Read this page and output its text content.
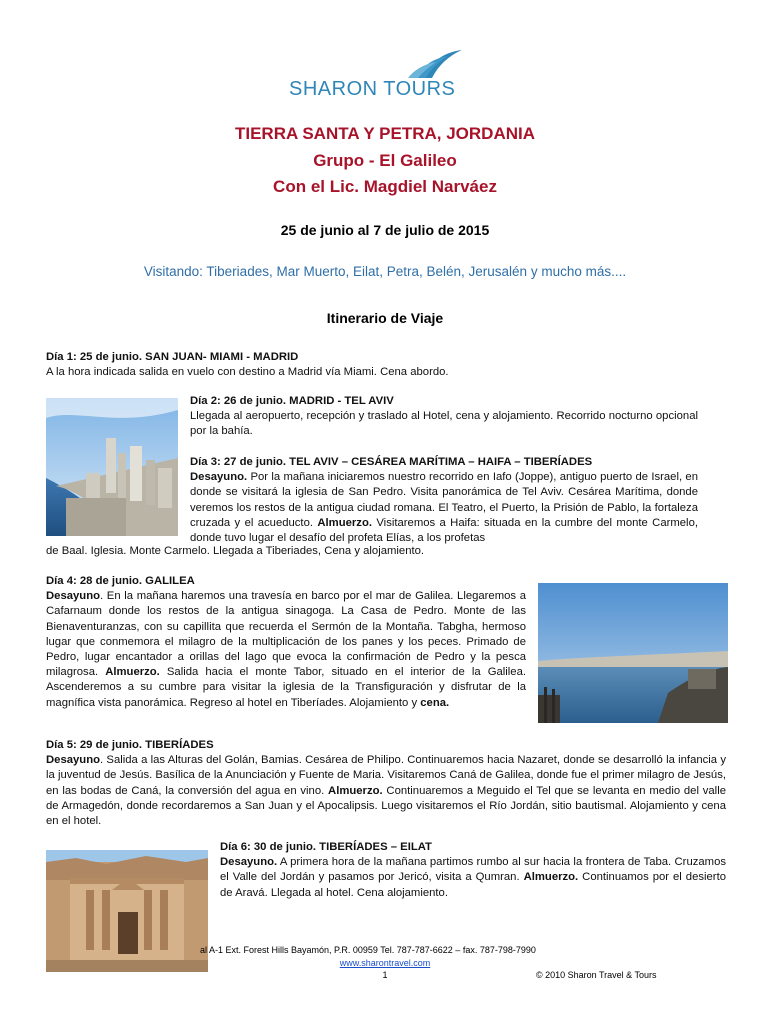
SHARON TOURS
TIERRA SANTA Y PETRA, JORDANIA
Grupo - El Galileo
Con el Lic. Magdiel Narváez
25 de junio al 7 de julio de 2015
Visitando: Tiberiades, Mar Muerto, Eilat, Petra, Belén, Jerusalén y mucho más....
Itinerario de Viaje
Día 1: 25 de junio. SAN JUAN- MIAMI - MADRID
A la hora indicada salida en vuelo con destino a Madrid vía Miami. Cena abordo.
Día 2: 26 de junio. MADRID - TEL AVIV
Llegada al aeropuerto, recepción y traslado al Hotel, cena y alojamiento. Recorrido nocturno opcional por la bahía.
Día 3: 27 de junio. TEL AVIV – CESÁREA MARÍTIMA – HAIFA – TIBERÍADES
Desayuno. Por la mañana iniciaremos nuestro recorrido en Iafo (Joppe), antiguo puerto de Israel, en donde se visitará la iglesia de San Pedro. Visita panorámica de Tel Aviv. Cesárea Marítima, donde veremos los restos de la antigua ciudad romana. El Teatro, el Puerto, la Prisión de Pablo, la fortaleza cruzada y el acueducto. Almuerzo. Visitaremos a Haifa: situada en la cumbre del monte Carmelo, donde tuvo lugar el desafío del profeta Elías, a los profetas
de Baal. Iglesia. Monte Carmelo. Llegada a Tiberiades, Cena y alojamiento.
Día 4: 28 de junio. GALILEA
Desayuno. En la mañana haremos una travesía en barco por el mar de Galilea. Llegaremos a Cafarnaum donde los restos de la antigua sinagoga. La Casa de Pedro. Monte de las Bienaventuranzas, con su capillita que recuerda el Sermón de la Montaña. Tabgha, hermoso lugar que conmemora el milagro de la multiplicación de los panes y los peces. Primado de Pedro, lugar encantador a orillas del lago que evoca la confirmación de Pedro y la pesca milagrosa. Almuerzo. Salida hacia el monte Tabor, situado en el interior de la Galilea. Ascenderemos a su cumbre para visitar la iglesia de la Transfiguración y disfrutar de la magnífica vista panorámica. Regreso al hotel en Tiberíades. Alojamiento y cena.
Día 5: 29 de junio. TIBERÍADES
Desayuno. Salida a las Alturas del Golán, Bamias. Cesárea de Philipo. Continuaremos hacia Nazaret, donde se desarrolló la infancia y la juventud de Jesús. Basílica de la Anunciación y Fuente de Maria. Visitaremos Caná de Galilea, donde fue el primer milagro de Jesús, en las bodas de Caná, la conversión del agua en vino. Almuerzo. Continuaremos a Meguido el Tel que se levanta en medio del valle de Armagedón, donde recordaremos a San Juan y el Apocalipsis. Luego visitaremos el Río Jordán, sitio bautismal. Alojamiento y cena en el hotel.
Día 6: 30 de junio. TIBERÍADES – EILAT
Desayuno. A primera hora de la mañana partimos rumbo al sur hacia la frontera de Taba. Cruzamos el Valle del Jordán y pasamos por Jericó, visita a Qumran. Almuerzo. Continuamos por el desierto de Aravá. Llegada al hotel. Cena alojamiento.
al A-1 Ext. Forest Hills Bayamón, P.R. 00959 Tel. 787-787-6622 – fax. 787-798-7990
www.sharontravel.com
1	© 2010 Sharon Travel & Tours
